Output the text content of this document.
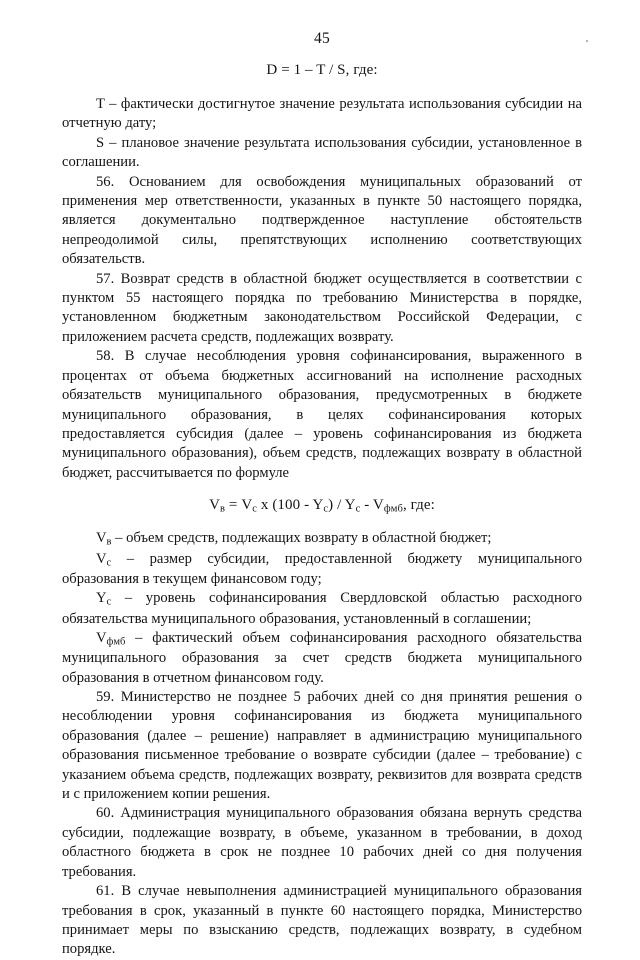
45
D = 1 – T / S, где:

T – фактически достигнутое значение результата использования субсидии на отчетную дату;

S – плановое значение результата использования субсидии, установленное в соглашении.

56. Основанием для освобождения муниципальных образований от применения мер ответственности, указанных в пункте 50 настоящего порядка, является документально подтвержденное наступление обстоятельств непреодолимой силы, препятствующих исполнению соответствующих обязательств.

57. Возврат средств в областной бюджет осуществляется в соответствии с пунктом 55 настоящего порядка по требованию Министерства в порядке, установленном бюджетным законодательством Российской Федерации, с приложением расчета средств, подлежащих возврату.

58. В случае несоблюдения уровня софинансирования, выраженного в процентах от объема бюджетных ассигнований на исполнение расходных обязательств муниципального образования, предусмотренных в бюджете муниципального образования, в целях софинансирования которых предоставляется субсидия (далее – уровень софинансирования из бюджета муниципального образования), объем средств, подлежащих возврату в областной бюджет, рассчитывается по формуле

$V_в = V_c$ x $(100 - Y_c) / Y_c - V_{фмб}$, где:

$V_в$ – объем средств, подлежащих возврату в областной бюджет;

$V_c$ – размер субсидии, предоставленной бюджету муниципального образования в текущем финансовом году;

$Y_c$ – уровень софинансирования Свердловской областью расходного обязательства муниципального образования, установленный в соглашении;

$V_{фмб}$ – фактический объем софинансирования расходного обязательства муниципального образования за счет средств бюджета муниципального образования в отчетном финансовом году.

59. Министерство не позднее 5 рабочих дней со дня принятия решения о несоблюдении уровня софинансирования из бюджета муниципального образования (далее – решение) направляет в администрацию муниципального образования письменное требование о возврате субсидии (далее – требование) с указанием объема средств, подлежащих возврату, реквизитов для возврата средств и с приложением копии решения.

60. Администрация муниципального образования обязана вернуть средства субсидии, подлежащие возврату, в объеме, указанном в требовании, в доход областного бюджета в срок не позднее 10 рабочих дней со дня получения требования.

61. В случае невыполнения администрацией муниципального образования требования в срок, указанный в пункте 60 настоящего порядка, Министерство принимает меры по взысканию средств, подлежащих возврату, в судебном порядке.
